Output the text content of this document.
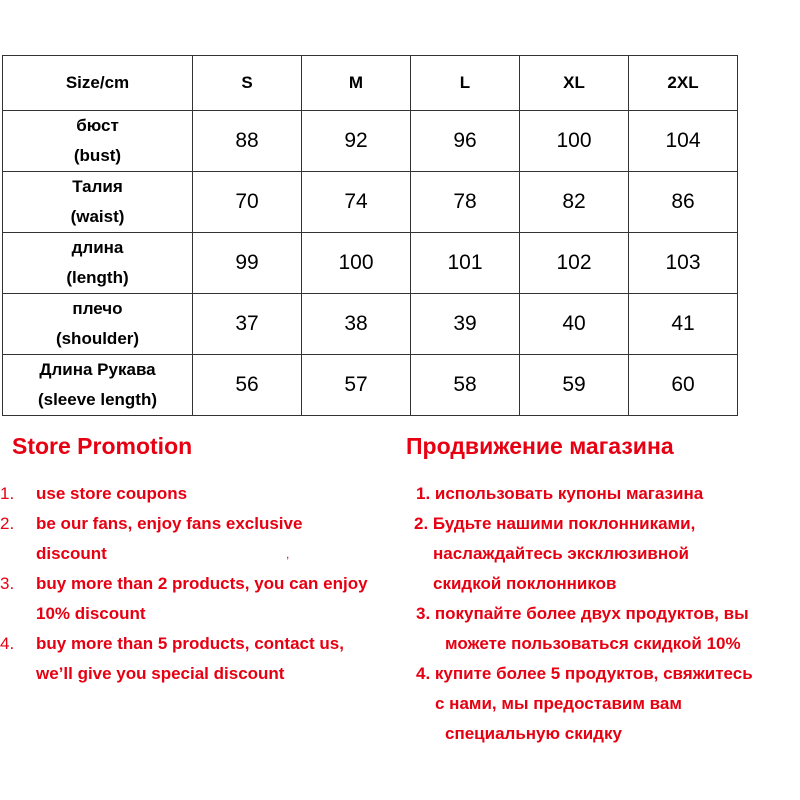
Size/cm	S	M	L	XL	2XL

бюст
(bust)	88	92	96	100	104

Талия
(waist)	70	74	78	82	86

длина
(length)	99	100	101	102	103

плечо
(shoulder)	37	38	39	40	41

Длина Рукава
(sleeve length)	56	57	58	59	60
Store Promotion
1. use store coupons
2. be our fans, enjoy fans exclusive
discount	,
3. buy more than 2 products, you can enjoy
10% discount
4. buy more than 5 products, contact us,
we’ll give you special discount
Продвижение магазина
1. использовать купоны магазина
2. Будьте нашими поклонниками,
наслаждайтесь эксклюзивной
скидкой поклонников
3. покупайте более двух продуктов, вы
можете пользоваться скидкой 10%
4. купите более 5 продуктов, свяжитесь
с нами, мы предоставим вам
специальную скидку
